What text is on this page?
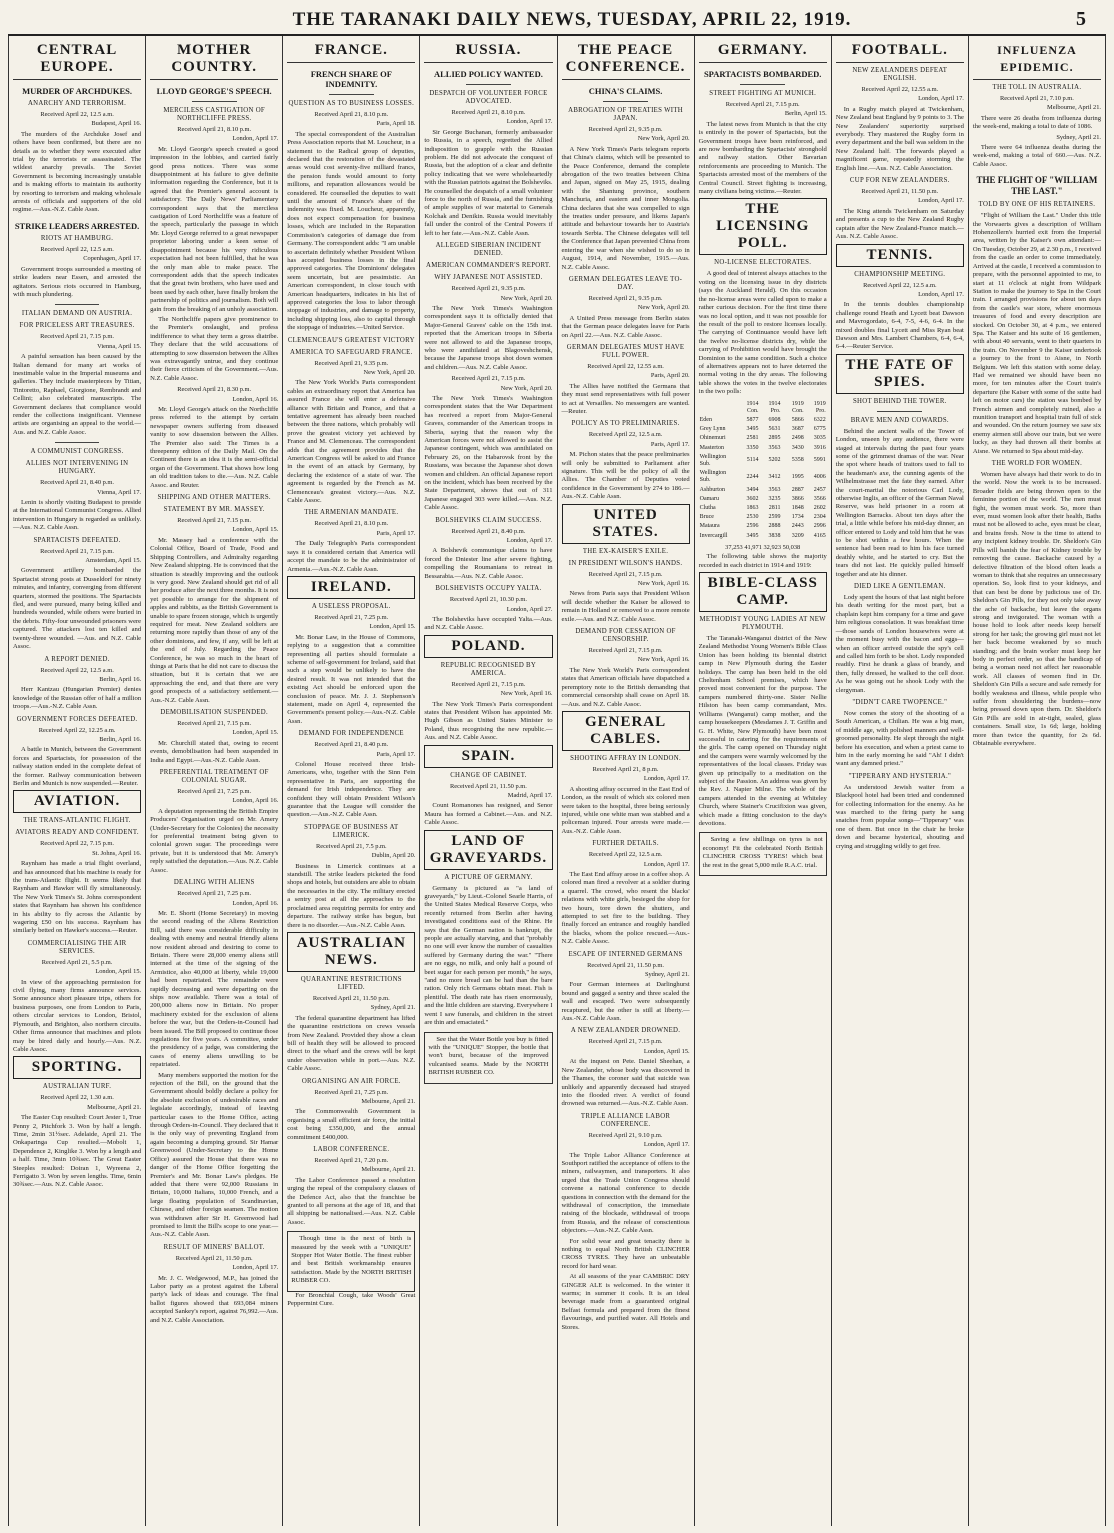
THE TARANAKI DAILY NEWS, TUESDAY, APRIL 22, 1919.	5
CENTRAL EUROPE.
MURDER OF ARCHDUKES.
ANARCHY AND TERRORISM.
Received April 22, 12.5 a.m.
Budapest, April 16.

The murders of the Archduke Josef and others have been confirmed, but there are no details as to whether they were executed after trial by the terrorists or assassinated. The wildest anarchy prevails. The Soviet Government is becoming increasingly unstable and is making efforts to maintain its authority by resorting to terrorism and making wholesale arrests of officials and supporters of the old regime.—Aus.-N.Z. Cable Assn.

STRIKE LEADERS ARRESTED.
RIOTS AT HAMBURG.
Received April 22, 12.5 a.m.
Copenhagen, April 17.

Government troops surrounded a meeting of strike leaders near Essen, and arrested the agitators. Serious riots occurred in Hamburg, with much plundering.

ITALIAN DEMAND ON AUSTRIA.
FOR PRICELESS ART TREASURES.
Received April 21, 7.15 p.m.
Vienna, April 15.

A painful sensation has been caused by the Italian demand for many art works of inestimable value in the Imperial museums and galleries. They include masterpieces by Titian, Tintoretto, Raphael, Giorgione, Rembrandt and Cellini; also celebrated manuscripts. The Government declares that compliance would render the collections insignificant. Viennese artists are organising an appeal to the world.—Aus. and N.Z. Cable Assoc.

A COMMUNIST CONGRESS.
ALLIES NOT INTERVENING IN HUNGARY.
Received April 21, 8.40 p.m.
Vienna, April 17.

Lenin is shortly visiting Budapest to preside at the International Communist Congress. Allied intervention in Hungary is regarded as unlikely.—Aus. N.Z. Cable Assn.

SPARTACISTS DEFEATED.
Received April 21, 7.15 p.m.
Amsterdam, April 15.

Government artillery bombarded the Spartacist strong posts at Dusseldorf for ninety minutes, and infantry, converging from different quarters, stormed the positions. The Spartacists fled, and were pursued, many being killed and hundreds wounded, while others were buried in the debris. Fifty-four unwounded prisoners were captured. The attackers lost ten killed and twenty-three wounded. —Aus. and N.Z. Cable Assoc.

A REPORT DENIED.
Received April 22, 12.5 a.m.
Berlin, April 16.

Herr Kantzau (Hungarian Premier) denies knowledge of the Russian offer of half a million troops.—Aus.-N.Z. Cable Assn.

GOVERNMENT FORCES DEFEATED.
Received April 22, 12.25 a.m.
Berlin, April 16.

A battle in Munich, between the Government forces and Spartacists, for possession of the railway station ended in the complete defeat of the former. Railway communication between Berlin and Munich is now suspended.—Reuter.

AVIATION.
THE TRANS-ATLANTIC FLIGHT.
AVIATORS READY AND CONFIDENT.
Received April 22, 7.15 p.m.
St. Johns, April 16.

Raynham has made a trial flight overland, and has announced that his machine is ready for the trans-Atlantic flight. It seems likely that Raynham and Hawker will fly simultaneously. The New York Times's St. Johns correspondent states that Raynham has shown his confidence in his ability to fly across the Atlantic by wagering £50 on his success. Raynham has similarly betted on Hawker's success.—Reuter.

COMMERCIALISING THE AIR SERVICES.
Received April 21, 5.5 p.m.
London, April 15.

In view of the approaching permission for civil flying, many firms announce services. Some announce short pleasure trips, others for business purposes, one from London to Paris, others circular services to London, Bristol, Plymouth, and Brighton, also northern circuits. Other firms announce that machines and pilots may be hired daily and hourly.—Aus. N.Z. Cable Assoc.

SPORTING.
AUSTRALIAN TURF.
Received April 22, 1.30 a.m.
Melbourne, April 21.

The Easter Cup resulted: Court Jester 1, True Penny 2, Pitchfork 3. Won by half a length. Time, 2min 31½sec. Adelaide, April 21. The Onkaparinga Cup resulted.—Mobolt 1, Dependence 2, Kinglike 3. Won by a length and a half. Time, 3min 10¾sec. The Great Easter Steeples resulted: Doiran 1, Wyreena 2, Ferrigatto 3. Won by seven lengths. Time, 6min 30¾sec.—Aus. N.Z. Cable Assoc.

MOTHER COUNTRY.
LLOYD GEORGE'S SPEECH.
MERCILESS CASTIGATION OF NORTHCLIFFE PRESS.
Received April 21, 8.10 p.m.
London, April 17.

Mr. Lloyd George's speech created a good impression in the lobbies, and carried fairly good press notices. There was some disappointment at his failure to give definite information regarding the Conference, but it is agreed that the Premier's general account is satisfactory. The Daily News' Parliamentary correspondent says that the merciless castigation of Lord Northcliffe was a feature of the speech, particularly the passage in which Mr. Lloyd George referred to a great newspaper proprietor laboring under a keen sense of disappointment because his very ridiculous expectation had not been fulfilled, that he was the only man able to make peace. The correspondent adds that the speech indicates that the great twin brothers, who have used and been used by each other, have finally broken the partnership of politics and journalism. Both will gain from the breaking of an unholy association.

The Northcliffe papers give prominence to the Premier's onslaught, and profess indifference to what they term a gross diatribe. They declare that the wild accusations of attempting to sow dissension between the Allies was extravagantly untrue, and they continue their fierce criticism of the Government.—Aus. N.Z. Cable Assoc.

Received April 21, 8.30 p.m.
London, April 16.

Mr. Lloyd George's attack on the Northcliffe press referred to the attempt by certain newspaper owners suffering from diseased vanity to sow dissension between the Allies. The Premier also said: The Times is a threepenny edition of the Daily Mail. On the Continent there is an idea it is the semi-official organ of the Government. That shows how long an old tradition takes to die.—Aus. N.Z. Cable Assoc. and Reuter.

SHIPPING AND OTHER MATTERS.
STATEMENT BY MR. MASSEY.
Received April 21, 7.15 p.m.
London, April 15.

Mr. Massey had a conference with the Colonial Office, Board of Trade, Food and Shipping Controllers, and Admiralty regarding New Zealand shipping. He is convinced that the situation is steadily improving and the outlook is very good. New Zealand should get rid of all her produce after the next three months. It is not yet possible to arrange for the shipment of apples and rabbits, as the British Government is unable to spare frozen storage, which is urgently required for meat. New Zealand soldiers are returning more rapidly than those of any of the other dominions, and few, if any, will be left at the end of July. Regarding the Peace Conference, he was so much in the heart of things at Paris that he did not care to discuss the situation, but it is certain that we are approaching the end, and that there are very good prospects of a satisfactory settlement.—Aus.-N.Z. Cable Assn.

DEMOBILISATION SUSPENDED.
Received April 21, 7.15 p.m.
London, April 15.

Mr. Churchill stated that, owing to recent events, demobilisation had been suspended in India and Egypt.—Aus.-N.Z. Cable Assn.

PREFERENTIAL TREATMENT OF COLONIAL SUGAR.
Received April 21, 7.25 p.m.
London, April 16.

A deputation representing the British Empire Producers' Organisation urged on Mr. Amery (Under-Secretary for the Colonies) the necessity for preferential treatment being given to colonial grown sugar. The proceedings were private, but it is understood that Mr. Amery's reply satisfied the deputation.—Aus. N.Z. Cable Assoc.

DEALING WITH ALIENS
Received April 21, 7.25 p.m.
London, April 16.

Mr. E. Shortt (Home Secretary) in moving the second reading of the Aliens Restriction Bill, said there was considerable difficulty in dealing with enemy and neutral friendly aliens now resident abroad and desiring to come to Britain. There were 28,000 enemy aliens still interned at the time of the signing of the Armistice, also 40,000 at liberty, while 19,000 had been repatriated. The remainder were rapidly decreasing and were departing on the ships now available. There was a total of 200,000 aliens now in Britain. No proper machinery existed for the exclusion of aliens before the war, but the Orders-in-Council had been issued. The Bill proposed to continue those regulations for five years. A committee, under the presidency of a judge, was considering the cases of enemy aliens unwilling to be repatriated.

Many members supported the motion for the rejection of the Bill, on the ground that the Government should boldly declare a policy for the absolute exclusion of undesirable races and legislate accordingly, instead of leaving particular cases to the Home Office, acting through Orders-in-Council. They declared that it is the only way of preventing England from again becoming a dumping ground. Sir Hamar Greenwood (Under-Secretary to the Home Office) assured the House that there was no danger of the Home Office forgetting the Premier's and Mr. Bonar Law's pledges. He added that there were 92,000 Russians in Britain, 10,000 Italians, 10,000 French, and a large floating population of Scandinavian, Chinese, and other foreign seamen. The motion was withdrawn after Sir H. Greenwood had promised to limit the Bill's scope to one year.—Aus.-N.Z. Cable Assn.

RESULT OF MINERS' BALLOT.
Received April 21, 11.50 p.m.
London, April 17.

Mr. J. C. Wedgewood, M.P., has joined the Labor party as a protest against the Liberal party's lack of ideas and courage. The final ballot figures showed that 693,084 miners accepted Sankey's report, against 76,992.—Aus. and N.Z. Cable Association.

FRANCE.
FRENCH SHARE OF INDEMNITY.
QUESTION AS TO BUSINESS LOSSES.
Received April 21, 8.10 p.m.
Paris, April 18.

The special correspondent of the Australian Press Association reports that M. Loucheur, in a statement to the Radical group of deputies, declared that the restoration of the devastated areas would cost seventy-five milliard francs, the pension funds would amount to forty millions, and reparation allowances would be considered. He counselled the deputies to wait until the amount of France's share of the indemnity was fixed. M. Loucheur, apparently, does not expect compensation for business losses, which are included in the Reparation Commission's categories of damage due from Germany. The correspondent adds: "I am unable to ascertain definitely whether President Wilson has accepted business losses in the final approved categories. The Dominions' delegates seem uncertain, but are pessimistic. An American correspondent, in close touch with American headquarters, indicates in his list of approved categories the loss to labor through stoppage of industries, and damage to property, including shipping loss, also to capital through the stoppage of industries.—United Service.

CLEMENCEAU'S GREATEST VICTORY
AMERICA TO SAFEGUARD FRANCE.
Received April 21, 9.35 p.m.
New York, April 20.

The New York World's Paris correspondent cables an extraordinary report that America has assured France she will enter a defensive alliance with Britain and France, and that a tentative agreement has already been reached between the three nations, which probably will prove the greatest victory yet achieved by France and M. Clemenceau. The correspondent adds that the agreement provides that the American Congress will be asked to aid France in the event of an attack by Germany, by declaring the existence of a state of war. The agreement is regarded by the French as M. Clemenceau's greatest victory.—Aus. N.Z. Cable Assoc.

THE ARMENIAN MANDATE.
Received April 21, 8.10 p.m.
Paris, April 17.

The Daily Telegraph's Paris correspondent says it is considered certain that America will accept the mandate to be the administrator of Armenia.—Aus.-N.Z. Cable Assn.

IRELAND.
A USELESS PROPOSAL.
Received April 21, 7.25 p.m.
London, April 15.

Mr. Bonar Law, in the House of Commons, replying to a suggestion that a committee representing all parties should formulate a scheme of self-government for Ireland, said that such a step would be unlikely to have the desired result. It was not intended that the existing Act should be enforced upon the conclusion of peace. Mr. J. J. Stephenson's statement, made on April 4, represented the Government's present policy.—Aus.-N.Z. Cable Assn.

DEMAND FOR INDEPENDENCE
Received April 21, 8.40 p.m.
Paris, April 17.

Colonel House received three Irish-Americans, who, together with the Sinn Fein representative in Paris, are supporting the demand for Irish independence. They are confident they will obtain President Wilson's guarantee that the League will consider the question.—Aus.-N.Z. Cable Assn.

STOPPAGE OF BUSINESS AT LIMERICK.
Received April 21, 7.5 p.m.
Dublin, April 20.

Business in Limerick continues at a standstill. The strike leaders picketed the food shops and hotels, but outsiders are able to obtain the necessaries in the city. The military erected a sentry post at all the approaches to the proclaimed area requiring permits for entry and departure. The railway strike has begun, but there is no disorder.—Aus.-N.Z. Cable Assn.

AUSTRALIAN NEWS.
QUARANTINE RESTRICTIONS LIFTED.
Received April 21, 11.50 p.m.
Sydney, April 21.

The federal quarantine department has lifted the quarantine restrictions on crews vessels from New Zealand. Provided they show a clean bill of health they will be allowed to proceed direct to the wharf and the crews will be kept under observation while in port.—Aus. N.Z. Cable Assoc.

ORGANISING AN AIR FORCE.
Received April 21, 7.25 p.m.
Melbourne, April 21.

The Commonwealth Government is organising a small efficient air force, the initial cost being £350,000, and the annual commitment £400,000.

LABOR CONFERENCE.
Received April 21, 7.20 p.m.
Melbourne, April 21.

The Labor Conference passed a resolution urging the repeal of the compulsory clauses of the Defence Act, also that the franchise be granted to all persons at the age of 18, and that all shipping be nationalised.—Aus. N.Z. Cable Assoc.

Though time is the next of birth is measured by the week with a "UNIQUE" Stopper Hot Water Bottle. The finest rubber and best British workmanship ensures satisfaction. Made by the NORTH BRITISH RUBBER CO.

For Bronchial Cough, take Woods' Great Peppermint Cure.

RUSSIA.
ALLIED POLICY WANTED.
DESPATCH OF VOLUNTEER FORCE ADVOCATED.
Received April 21, 8.10 p.m.
London, April 17.

Sir George Buchanan, formerly ambassador to Russia, in a speech, regretted the Allied indisposition to grapple with the Russian problem. He did not advocate the conquest of Russia, but the adoption of a clear and definite policy indicating that we were wholeheartedly with the Russian patriots against the Bolsheviks. He counselled the despatch of a small volunteer force to the north of Russia, and the furnishing of ample supplies of war material to Generals Kolchak and Denikin. Russia would inevitably fall under the control of the Central Powers if left to her fate.—Aus.-N.Z. Cable Assn.

ALLEGED SIBERIAN INCIDENT DENIED.
AMERICAN COMMANDER'S REPORT.
WHY JAPANESE NOT ASSISTED.
Received April 21, 9.35 p.m.
New York, April 20.

The New York Times's Washington correspondent says it is officially denied that Major-General Graves' cable on the 15th inst. reported that the American troops in Siberia were not allowed to aid the Japanese troops, who were annihilated at Blagoveshchensk, because the Japanese troops shot down women and children.—Aus. N.Z. Cable Assoc.

Received April 21, 7.15 p.m.
New York, April 20.

The New York Times's Washington correspondent states that the War Department has received a report from Major-General Graves, commander of the American troops in Siberia, saying that the reason why the American forces were not allowed to assist the Japanese contingent, which was annihilated on February 26, on the Habarovsk front by the Russians, was because the Japanese shot down women and children. An official Japanese report on the incident, which has been received by the State Department, shows that out of 311 Japanese engaged 303 were killed.—Aus. N.Z. Cable Assoc.

BOLSHEVIKS CLAIM SUCCESS.
Received April 21, 8.40 p.m.
London, April 17.

A Bolshevik communique claims to have forced the Dniester line after severe fighting, compelling the Roumanians to retreat in Bessarabia.—Aus. N.Z. Cable Assoc.

BOLSHEVISTS OCCUPY YALTA.
Received April 21, 10.30 p.m.
London, April 27.

The Bolsheviks have occupied Yalta.—Aus. and N.Z. Cable Assoc.

POLAND.
REPUBLIC RECOGNISED BY AMERICA.
Received April 21, 7.15 p.m.
New York, April 16.

The New York Times's Paris correspondent states that President Wilson has appointed Mr. Hugh Gibson as United States Minister to Poland, thus recognising the new republic.—Aus. and N.Z. Cable Assoc.

SPAIN.
CHANGE OF CABINET.
Received April 21, 11.50 p.m.
Madrid, April 17.

Count Romanones has resigned, and Senor Maura has formed a Cabinet.—Aus. and N.Z. Cable Assoc.

LAND OF GRAVEYARDS.
A PICTURE OF GERMANY.

Germany is pictured as "a land of graveyards," by Lieut.-Colonel Searle Harris, of the United States Medical Reserve Corps, who recently returned from Berlin after having investigated conditions east of the Rhine. He says that the German nation is bankrupt, the people are actually starving, and that "probably no one will ever know the number of casualties suffered by Germany during the war." "There are no eggs, no milk, and only half a pound of beet sugar for each person per month," he says, "and no more bread can be had than the bare ration. Only rich Germans obtain meat. Fish is plentiful. The death rate has risen enormously, and the little children are starving. Everywhere I went I saw funerals, and children in the street are thin and emaciated."

See that the Water Bottle you buy is fitted with the "UNIQUE" Stopper, the bottle that won't burst, because of the improved vulcanised seams. Made by the NORTH BRITISH RUBBER CO.

THE PEACE CONFERENCE.
CHINA'S CLAIMS.
ABROGATION OF TREATIES WITH JAPAN.
Received April 21, 9.35 p.m.
New York, April 20.

A New York Times's Paris telegram reports that China's claims, which will be presented to the Peace Conference, demand the complete abrogation of the two treaties between China and Japan, signed on May 25, 1915, dealing with the Shantung province, southern Manchuria, and eastern and inner Mongolia. China declares that she was compelled to sign the treaties under pressure, and likens Japan's attitude and behaviour towards her to Austria's towards Serbia. The Chinese delegates will tell the Conference that Japan prevented China from entering the war when she wished to do so in August, 1914, and November, 1915.—Aus. N.Z. Cable Assoc.

GERMAN DELEGATES LEAVE TO-DAY.
Received April 21, 9.35 p.m.
New York, April 20.

A United Press message from Berlin states that the German peace delegates leave for Paris on April 22.—Aus. N.Z. Cable Assoc.

GERMAN DELEGATES MUST HAVE FULL POWER.
Received April 22, 12.55 a.m.
Paris, April 20.

The Allies have notified the Germans that they must send representatives with full power to act at Versailles. No messengers are wanted.—Reuter.

POLICY AS TO PRELIMINARIES.
Received April 22, 12.5 a.m.
Paris, April 17.

M. Pichon states that the peace preliminaries will only be submitted to Parliament after signature. This will be the policy of all the Allies. The Chamber of Deputies voted confidence in the Government by 274 to 186.—Aus.-N.Z. Cable Assn.

UNITED STATES.
THE EX-KAISER'S EXILE.
IN PRESIDENT WILSON'S HANDS.
Received April 21, 7.15 p.m.
New York, April 16.

News from Paris says that President Wilson will decide whether the Kaiser be allowed to remain in Holland or removed to a more remote exile.—Aus. and N.Z. Cable Assoc.

DEMAND FOR CESSATION OF CENSORSHIP.
Received April 21, 7.15 p.m.
New York, April 16.

The New York World's Paris correspondent states that American officials have dispatched a peremptory note to the British demanding that commercial censorship shall cease on April 18.—Aus. and N.Z. Cable Assoc.

GENERAL CABLES.
SHOOTING AFFRAY IN LONDON.
Received April 21, 8 p.m.
London, April 17.

A shooting affray occurred in the East End of London, as the result of which six colored men were taken to the hospital, three being seriously injured, while one white man was stabbed and a policeman injured. Four arrests were made.—Aus.-N.Z. Cable Assn.

FURTHER DETAILS.
Received April 22, 12.5 a.m.
London, April 17.

The East End affray arose in a coffee shop. A colored man fired a revolver at a soldier during a quarrel. The crowd, who resent the blacks' relations with white girls, besieged the shop for two hours, tore down the shutters, and attempted to set fire to the building. They finally forced an entrance and roughly handled the blacks, whom the police rescued.—Aus.-N.Z. Cable Assoc.

ESCAPE OF INTERNED GERMANS
Received April 21, 11.50 p.m.
Sydney, April 21.

Four German internees at Darlinghurst bound and gagged a sentry and three scaled the wall and escaped. Two were subsequently recaptured, but the other is still at liberty.—Aus.-N.Z. Cable Assn.

A NEW ZEALANDER DROWNED.
Received April 21, 7.15 p.m.
London, April 15.

At the inquest on Pete. Daniel Sheehan, a New Zealander, whose body was discovered in the Thames, the coroner said that suicide was unlikely and apparently deceased had strayed into the flooded river. A verdict of found drowned was returned.—Aus.-N.Z. Cable Assn.

TRIPLE ALLIANCE LABOR CONFERENCE.
Received April 21, 9.10 p.m.
London, April 17.

The Triple Labor Alliance Conference at Southport ratified the acceptance of offers to the miners, railwaymen, and transporters. It also urged that the Trade Union Congress should convene a national conference to decide questions in connection with the demand for the withdrawal of conscription, the immediate raising of the blockade, withdrawal of troops from Russia, and the release of conscientious objectors.—Aus.-N.Z. Cable Assn.

For solid wear and great tenacity there is nothing to equal North British CLINCHER CROSS TYRES. They have an unbeatable record for hard wear.

At all seasons of the year CAMBRIC DRY GINGER ALE is welcomed. In the winter it warms; in summer it cools. It is an ideal beverage made from a guaranteed original Belfast formula and prepared from the finest flavourings, and purified water. All Hotels and Stores.

GERMANY.
SPARTACISTS BOMBARDED.
STREET FIGHTING AT MUNICH.
Received April 21, 7.15 p.m.
Berlin, April 15.

The latest news from Munich is that the city is entirely in the power of Spartacists, but the Government troops have been reinforced, and are now bombarding the Spartacists' stronghold and railway station. Other Bavarian reinforcements are proceeding to Munich. The Spartacists arrested most of the members of the Central Council. Street fighting is increasing, many civilians being victims.—Reuter.

THE LICENSING POLL.
NO-LICENSE ELECTORATES.

A good deal of interest always attaches to the voting on the licensing issue in dry districts (says the Auckland Herald). On this occasion the no-license areas were called upon to make a rather curious decision. For the first time there was no local option, and it was not possible for the result of the poll to restore licenses locally. The carrying of Continuance would have left the twelve no-license districts dry, while the carrying of Prohibition would have brought the Dominion to the same condition. Such a choice of alternatives appears not to have deterred the normal voting in the dry areas. The following table shows the votes in the twelve electorates in the two polls:

	1914 Con.	1914 Pro.	1919 Con.	1919 Pro.
Eden	5877	6908	5866	6322
Grey Lynn	3495	5631	3687	6775
Ohinemuri	2581	2895	2498	3035
Masterton	3350	3563	3430	3916
Wellington Sub.	5114	5202	5358	5991
Wellington Sub.	2244	3412	1995	4006
Ashburton	3494	3563	2887	2457
Oamaru	3602	3235	3866	3566
Clutha	1863	2811	1848	2602
Bruce	2530	2599	1734	2304
Mataura	2596	2888	2443	2996
Invercargill	3495	3838	3209	4165
37,253 41,971 32,923 50,038

The following table shows the majority recorded in each district in 1914 and 1919:

BIBLE-CLASS CAMP.
METHODIST YOUNG LADIES AT NEW PLYMOUTH.

The Taranaki-Wanganui district of the New Zealand Methodist Young Women's Bible Class Union has been holding its biennial district camp in New Plymouth during the Easter holidays. The camp has been held in the old Cheltenham School premises, which have proved most convenient for the purpose. The campers numbered thirty-one. Sister Nellie Hilston has been camp commandant, Mrs. Williams (Wanganui) camp mother, and the camp housekeepers (Mesdames J. T. Griffin and G. H. White, New Plymouth) have been most successful in catering for the requirements of the girls. The camp opened on Thursday night and the campers were warmly welcomed by the representatives of the local classes. Friday was given up principally to a meditation on the subject of the Passion. An address was given by the Rev. J. Napier Milne. The whole of the campers attended in the evening at Whiteley Church, where Stainer's Crucifixion was given, which made a fitting conclusion to the day's devotions.

Saving a few shillings on tyres is not economy! Fit the celebrated North British CLINCHER CROSS TYRES! which beat the rest in the great 5,000 mile R.A.C. trial.

FOOTBALL.
NEW ZEALANDERS DEFEAT ENGLISH.
Received April 22, 12.55 a.m.
London, April 17.

In a Rugby match played at Twickenham, New Zealand beat England by 9 points to 3. The New Zealanders' superiority surprised everybody. They mastered the Rugby form in every department and the ball was seldom in the New Zealand half. The forwards played a magnificent game, repeatedly storming the English line.—Aus. N.Z. Cable Association.

CUP FOR NEW ZEALANDERS.
Received April 21, 11.50 p.m.
London, April 17.

The King attends Twickenham on Saturday and presents a cup to the New Zealand Rugby captain after the New Zealand-France match.—Aus. N.Z. Cable Assoc.

TENNIS.
CHAMPIONSHIP MEETING.
Received April 22, 12.5 a.m.
London, April 17.

In the tennis doubles championship challenge round Heath and Lycett beat Dawson and Mavrogordato, 6-4, 7-5, 4-6, 6-4. In the mixed doubles final Lycett and Miss Ryan beat Dawson and Mrs. Lambert Chambers, 6-4, 6-4, 6-4.—Reuter Service.

THE FATE OF SPIES.
SHOT BEHIND THE TOWER.
BRAVE MEN AND COWARDS.

Behind the ancient walls of the Tower of London, unseen by any audience, there were staged at intervals during the past four years some of the grimmest dramas of the war. Near the spot where heads of traitors used to fall to the headsman's axe, the cunning agents of the Wilhelmstrasse met the fate they earned. After the court-martial the notorious Carl Lody, otherwise Inglis, an officer of the German Naval Reserve, was held prisoner in a room at Wellington Barracks. About ten days after the trial, a little while before his mid-day dinner, an officer entered to Lody and told him that he was to be shot within a few hours. When the sentence had been read to him his face turned deathly white, and he started to cry. But the tears did not last. He quickly pulled himself together and ate his dinner.

DIED LIKE A GENTLEMAN.

Lody spent the hours of that last night before his death writing for the most part, but a chaplain kept him company for a time and gave him religious consolation. It was breakfast time—those sands of London housewives were at the moment busy with the bacon and eggs—when an officer arrived outside the spy's cell and called him forth to be shot. Lody responded readily. First he drank a glass of brandy, and then, fully dressed, he walked to the cell door. As he was going out he shook Lody with the clergyman.

"DIDN'T CARE TWOPENCE."

Now comes the story of the shooting of a South American, a Chilian. He was a big man, of middle age, with polished manners and well-groomed personality. He slept through the night before his execution, and when a priest came to him in the early morning he said "Ah! I didn't want any damned priest."

"TIPPERARY AND HYSTERIA."

As understood Jewish waiter from a Blackpool hotel had been tried and condemned for collecting information for the enemy. As he was marched to the firing party he sang snatches from popular songs—"Tipperary" was one of them. But once in the chair he broke down and became hysterical, shouting and crying and struggling wildly to get free.

INFLUENZA EPIDEMIC.
THE TOLL IN AUSTRALIA.
Received April 21, 7.10 p.m.
Melbourne, April 21.

There were 26 deaths from influenza during the week-end, making a total to date of 1086.

Sydney, April 21.

There were 64 influenza deaths during the week-end, making a total of 660.—Aus. N.Z. Cable Assoc.

THE FLIGHT OF "WILLIAM THE LAST."
TOLD BY ONE OF HIS RETAINERS.

"Flight of William the Last." Under this title the Vorwaerts gives a description of William Hohenzollern's hurried exit from the Imperial area, written by the Kaiser's own attendant:— On Tuesday, October 29, at 2.30 p.m., I received from the castle an order to come immediately. Arrived at the castle, I received a commission to prepare, with the personnel appointed to me, to start at 11 o'clock at night from Wildpark Station to make the journey to Spa in the Court train. I arranged provisions for about ten days from the castle's war store, where enormous treasures of food and every description are stocked. On October 30, at 4 p.m., we entered Spa. The Kaiser and his suite of 16 gentlemen, with about 40 servants, went to their quarters in the train. On November 9 the Kaiser undertook a journey to the front to Aisne, in North Belgium. We left this station with some delay. Had we remained we should have been no more, for ten minutes after the Court train's departure (the Kaiser with some of the suite had left on motor cars) the station was bombed by French airmen and completely ruined, also a munition transport and hospital train full of sick and wounded. On the return journey we saw six enemy airmen still above our train, but we were lucky, as they had thrown all their bombs at Aisne. We returned to Spa about mid-day.

THE WORLD FOR WOMEN.

Women have always had their work to do in the world. Now the work is to be increased. Broader fields are being thrown open to the feminine portion of the world. The men must fight, the women must work. So, more than ever, must women look after their health, Baths must not be allowed to ache, eyes must be clear, and brains fresh. Now is the time to attend to any incipient kidney trouble. Dr. Sheldon's Gin Pills will banish the fear of Kidney trouble by removing the cause. Backache caused by a defective filtration of the blood often leads a woman to think that she requires an unnecessary operation. So, look first to your kidneys, and that can best be done by judicious use of Dr. Sheldon's Gin Pills, for they not only take away the ache of backache, but leave the organs strong and invigorated. The woman with a house hold to look after needs keep herself strong for her task; the growing girl must not let her back become weakened by so much standing; and the brain worker must keep her body in perfect order, so that the handicap of being a woman need not affect her reasonable work. All classes of women find in Dr. Sheldon's Gin Pills a secure and safe remedy for bodily weakness and illness, while people who suffer from shouldering the burdens—now being pressed down upon them. Dr. Sheldon's Gin Pills are sold in air-tight, sealed, glass containers. Small size, 1s 6d; large, holding more than twice the quantity, for 2s 6d. Obtainable everywhere.
